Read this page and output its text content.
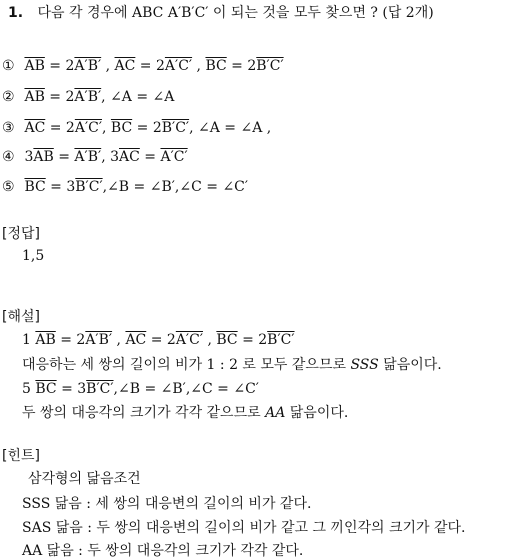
1. 다음 각 경우에 ABC A′B′C′ 이 되는 것을 모두 찾으면 ? (답 2개)
① $\overline{AB} = 2A'B'$ , $\overline{AC} = 2A'C'$ , $\overline{BC} = 2B'C'$
② $\overline{AB} = 2A'B'$, ∠A = ∠A
③ $\overline{AC} = 2A'C'$, $\overline{BC} = 2B'C'$, ∠A = ∠A ,
④ $3\overline{AB} = A'B'$, $3\overline{AC} = A'C'$
⑤ $\overline{BC}$ = 3B′C′,∠B = ∠B′,∠C = ∠C′
[정답]
1,5
[해설]
1 $\overline{AB} = 2A'B'$ , $\overline{AC} = 2A'C'$ , $\overline{BC} = 2B'C'$
대응하는 세 쌍의 길이의 비가 1 : 2 로 모두 같으므로 SSS 닮음이다.
5 $\overline{BC}$ = 3B′C′,∠B = ∠B′,∠C = ∠C′
두 쌍의 대응각의 크기가 각각 같으므로 AA 닮음이다.
[힌트]
삼각형의 닮음조건
SSS 닮음 : 세 쌍의 대응변의 길이의 비가 같다.
SAS 닮음 : 두 쌍의 대응변의 길이의 비가 같고 그 끼인각의 크기가 같다.
AA 닮음 : 두 쌍의 대응각의 크기가 각각 같다.
